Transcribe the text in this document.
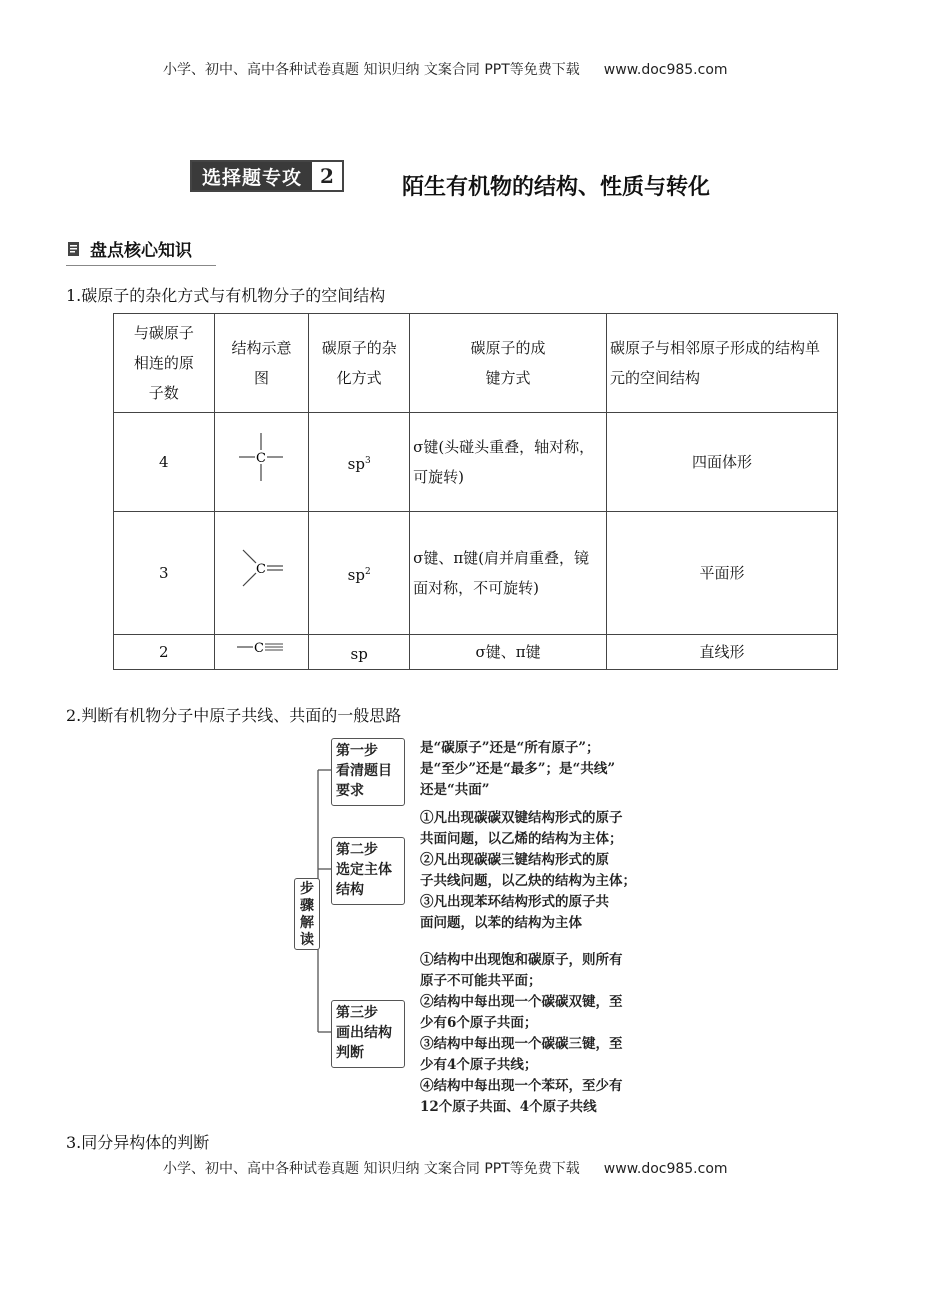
小学、初中、高中各种试卷真题 知识归纳 文案合同 PPT等免费下载 www.doc985.com
选择题专攻 2	陌生有机物的结构、性质与转化
盘点核心知识
1.碳原子的杂化方式与有机物分子的空间结构
与碳原子相连的原子数	结构示意图	碳原子的杂化方式	碳原子的成键方式	碳原子与相邻原子形成的结构单元的空间结构

4	C	$sp^3$	σ键(头碰头重叠，轴对称，可旋转)	四面体形
3	C	$sp^2$	σ键、π键(肩并肩重叠，镜面对称，不可旋转)	平面形
2	C	sp	σ键、π键	直线形
2.判断有机物分子中原子共线、共面的一般思路
步骤解读
第一步
看清题目
要求
第二步
选定主体
结构
第三步
画出结构
判断
是“碳原子”还是“所有原子”；
是“至少”还是“最多”；是“共线”
还是“共面”
①凡出现碳碳双键结构形式的原子
共面问题，以乙烯的结构为主体；
②凡出现碳碳三键结构形式的原
子共线问题，以乙炔的结构为主体；
③凡出现苯环结构形式的原子共
面问题，以苯的结构为主体
①结构中出现饱和碳原子，则所有
原子不可能共平面；
②结构中每出现一个碳碳双键，至
少有6个原子共面；
③结构中每出现一个碳碳三键，至
少有4个原子共线；
④结构中每出现一个苯环，至少有
12个原子共面、4个原子共线
3.同分异构体的判断
小学、初中、高中各种试卷真题 知识归纳 文案合同 PPT等免费下载 www.doc985.com
